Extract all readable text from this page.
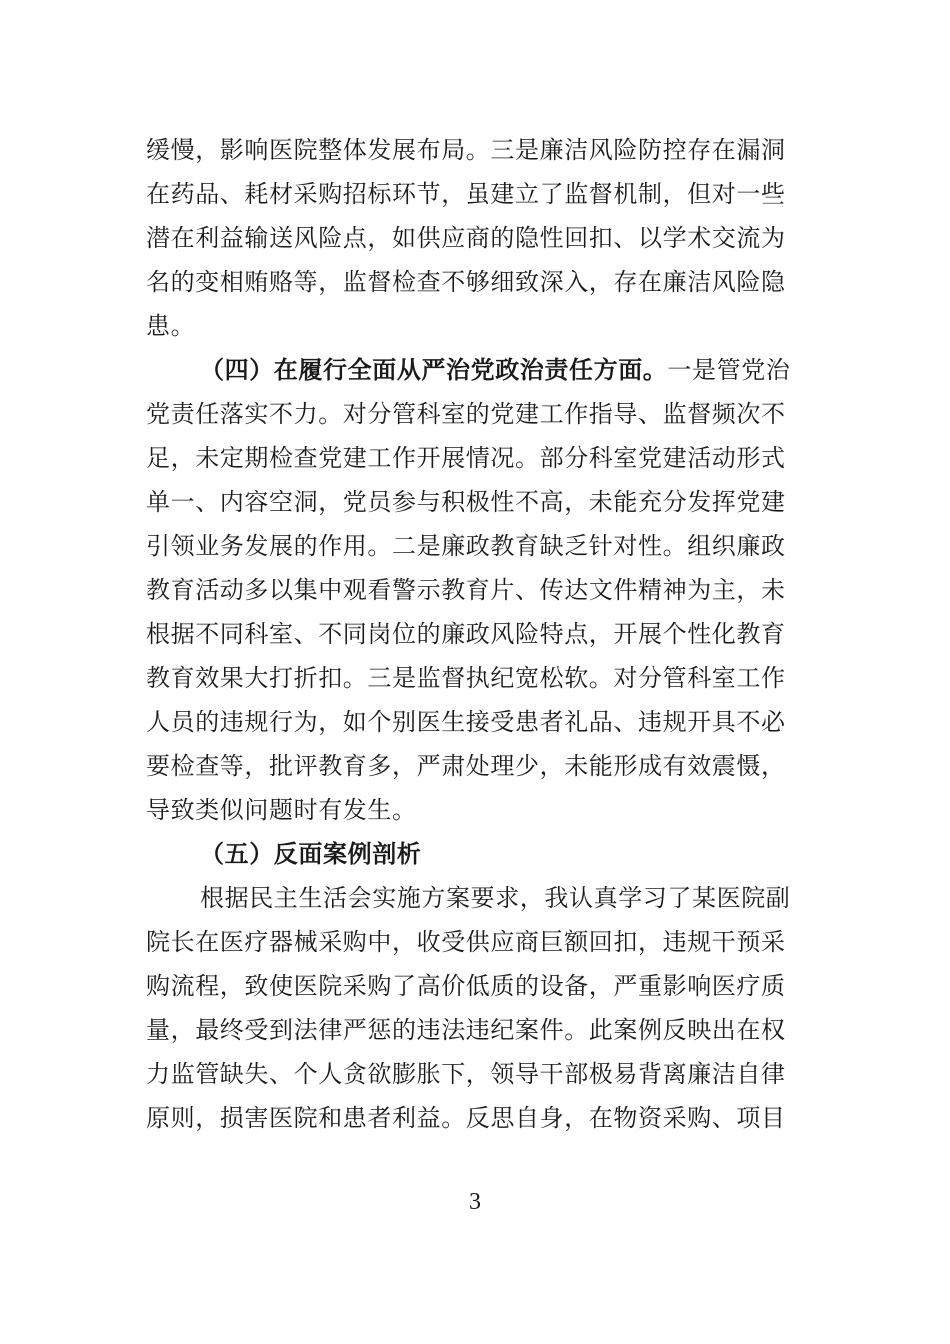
缓慢，影响医院整体发展布局。三是廉洁风险防控存在漏洞
在药品、耗材采购招标环节，虽建立了监督机制，但对一些
潜在利益输送风险点，如供应商的隐性回扣、以学术交流为
名的变相贿赂等，监督检查不够细致深入，存在廉洁风险隐
患。
（四）在履行全面从严治党政治责任方面。一是管党治
党责任落实不力。对分管科室的党建工作指导、监督频次不
足，未定期检查党建工作开展情况。部分科室党建活动形式
单一、内容空洞，党员参与积极性不高，未能充分发挥党建
引领业务发展的作用。二是廉政教育缺乏针对性。组织廉政
教育活动多以集中观看警示教育片、传达文件精神为主，未
根据不同科室、不同岗位的廉政风险特点，开展个性化教育
教育效果大打折扣。三是监督执纪宽松软。对分管科室工作
人员的违规行为，如个别医生接受患者礼品、违规开具不必
要检查等，批评教育多，严肃处理少，未能形成有效震慑，
导致类似问题时有发生。
（五）反面案例剖析
根据民主生活会实施方案要求，我认真学习了某医院副
院长在医疗器械采购中，收受供应商巨额回扣，违规干预采
购流程，致使医院采购了高价低质的设备，严重影响医疗质
量，最终受到法律严惩的违法违纪案件。此案例反映出在权
力监管缺失、个人贪欲膨胀下，领导干部极易背离廉洁自律
原则，损害医院和患者利益。反思自身，在物资采购、项目
3
